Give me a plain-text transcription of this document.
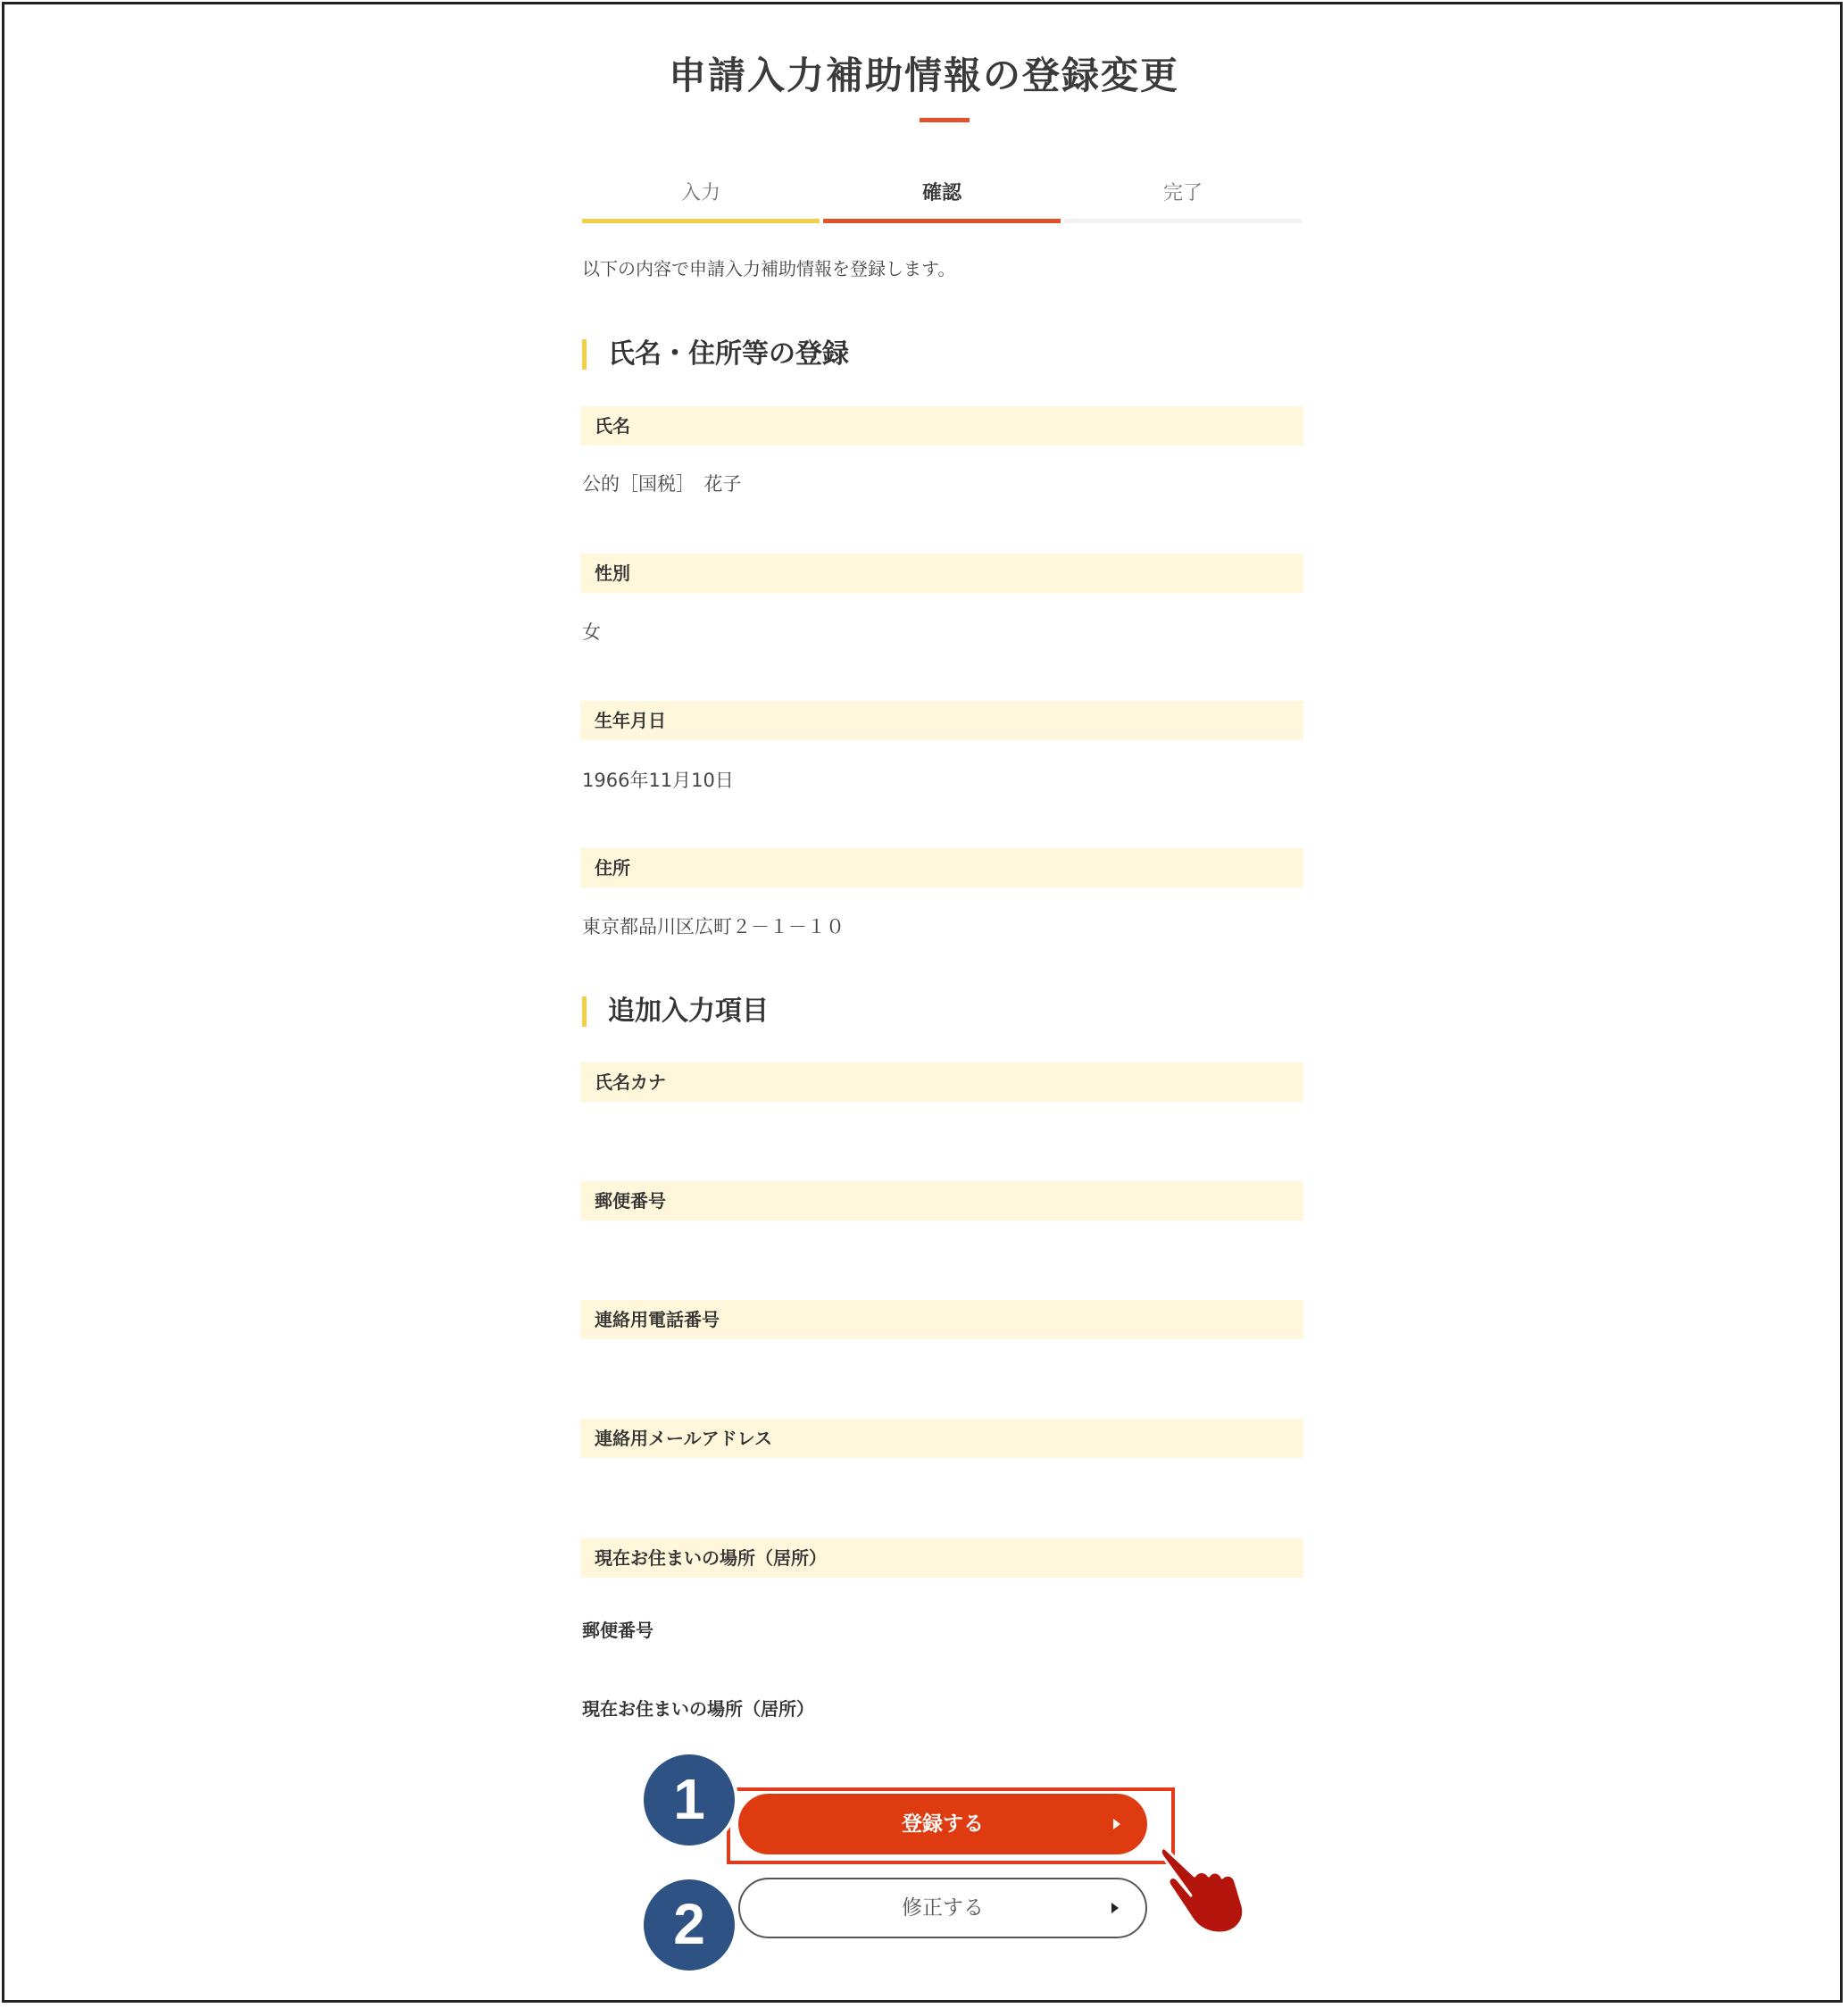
申請入力補助情報の登録変更
入力	確認	完了
以下の内容で申請入力補助情報を登録します。
氏名・住所等の登録
氏名
公的［国税］　花子
性別
女
生年月日
1966年11月10日
住所
東京都品川区広町２－１－１０
追加入力項目
氏名カナ
郵便番号
連絡用電話番号
連絡用メールアドレス
現在お住まいの場所（居所）
郵便番号
現在お住まいの場所（居所）
登録する
修正する
1
2
